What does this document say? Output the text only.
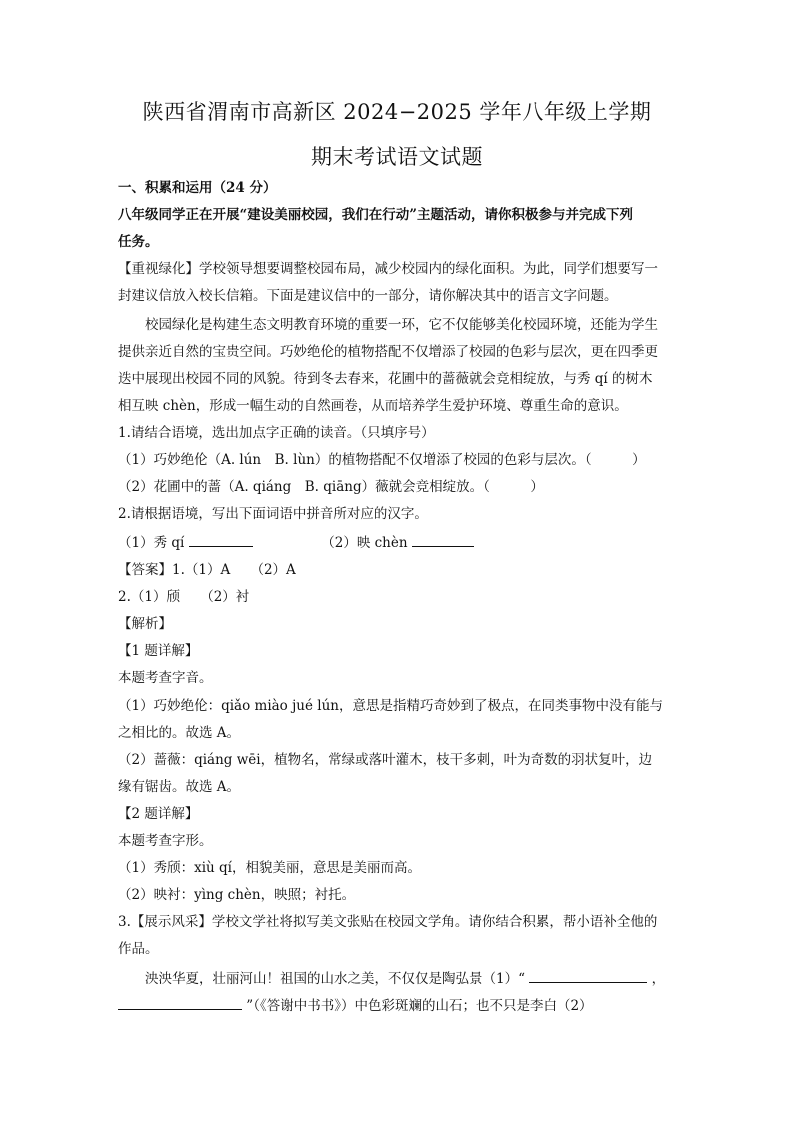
陕西省渭南市高新区 2024−2025 学年八年级上学期
期末考试语文试题
一、积累和运用（24 分）
八年级同学正在开展“建设美丽校园，我们在行动”主题活动，请你积极参与并完成下列
任务。
【重视绿化】学校领导想要调整校园布局，减少校园内的绿化面积。为此，同学们想要写一
封建议信放入校长信箱。下面是建议信中的一部分，请你解决其中的语言文字问题。
　　校园绿化是构建生态文明教育环境的重要一环，它不仅能够美化校园环境，还能为学生
提供亲近自然的宝贵空间。巧妙绝伦的植物搭配不仅增添了校园的色彩与层次，更在四季更
迭中展现出校园不同的风貌。待到冬去春来，花圃中的蔷薇就会竞相绽放，与秀 qí 的树木
相互映 chèn，形成一幅生动的自然画卷，从而培养学生爱护环境、尊重生命的意识。
1.请结合语境，选出加点字正确的读音。（只填序号）
（1）巧妙绝伦（A. lún　B. lùn）的植物搭配不仅增添了校园的色彩与层次。（　　　）
（2）花圃中的蔷（A. qiáng　B. qiāng）薇就会竞相绽放。（　　　）
2.请根据语境，写出下面词语中拼音所对应的汉字。
（1）秀 qí	（2）映 chèn
【答案】1.（1）A　　（2）A
2.（1）颀　　（2）衬
【解析】
【1 题详解】
本题考查字音。
（1）巧妙绝伦：qiǎo miào jué lún，意思是指精巧奇妙到了极点，在同类事物中没有能与
之相比的。故选 A。
（2）蔷薇：qiáng wēi，植物名，常绿或落叶灌木，枝干多刺，叶为奇数的羽状复叶，边
缘有锯齿。故选 A。
【2 题详解】
本题考查字形。
（1）秀颀：xiù qí，相貌美丽，意思是美丽而高。
（2）映衬：yìng chèn，映照；衬托。
3.【展示风采】学校文学社将拟写美文张贴在校园文学角。请你结合积累，帮小语补全他的
作品。
　　泱泱华夏，壮丽河山！祖国的山水之美，不仅仅是陶弘景（1）“	，
”（《答谢中书书》）中色彩斑斓的山石；也不只是李白（2）
